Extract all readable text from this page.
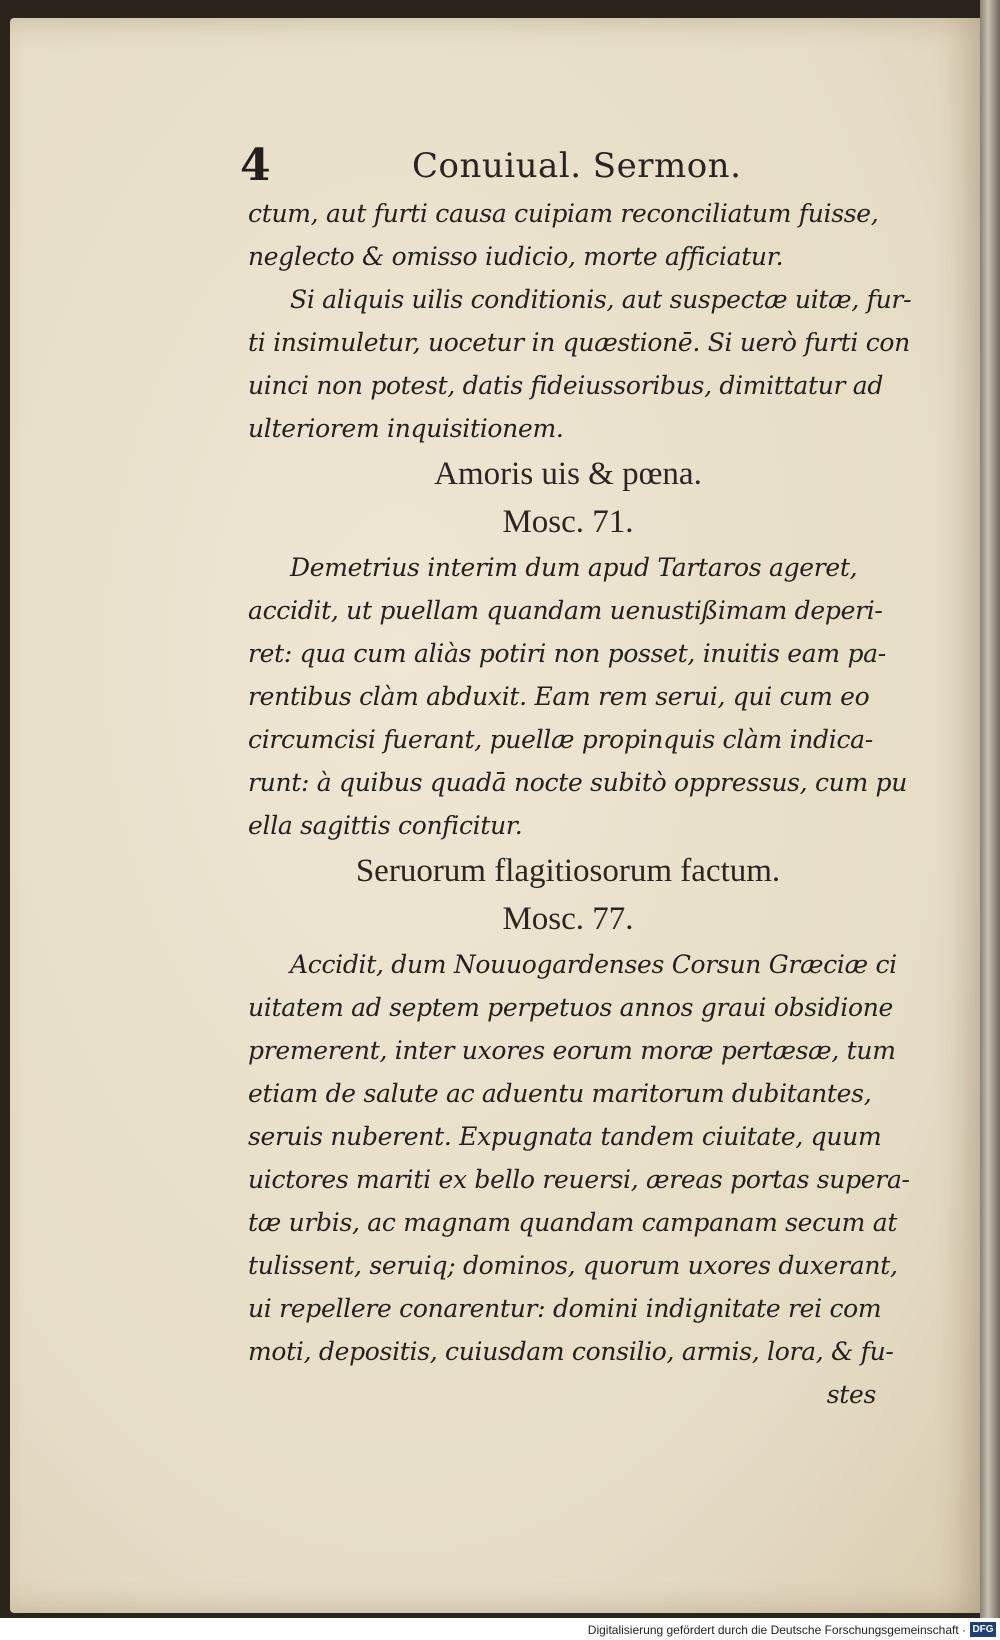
4	Conuiual. Sermon.
ctum, aut furti causa cuipiam reconciliatum fuisse,
neglecto & omisso iudicio, morte afficiatur.
Si aliquis uilis conditionis, aut suspectæ uitæ, fur-
ti insimuletur, uocetur in quæstionē. Si uerò furti con
uinci non potest, datis fideiussoribus, dimittatur ad
ulteriorem inquisitionem.
Amoris uis & pœna.
Mosc. 71.
Demetrius interim dum apud Tartaros ageret,
accidit, ut puellam quandam uenustißimam deperi-
ret: qua cum aliàs potiri non posset, inuitis eam pa-
rentibus clàm abduxit. Eam rem serui, qui cum eo
circumcisi fuerant, puellæ propinquis clàm indica-
runt: à quibus quadā nocte subitò oppressus, cum pu
ella sagittis conficitur.
Seruorum flagitiosorum factum.
Mosc. 77.
Accidit, dum Nouuogardenses Corsun Græciæ ci
uitatem ad septem perpetuos annos graui obsidione
premerent, inter uxores eorum moræ pertæsæ, tum
etiam de salute ac aduentu maritorum dubitantes,
seruis nuberent. Expugnata tandem ciuitate, quum
uictores mariti ex bello reuersi, æreas portas supera-
tæ urbis, ac magnam quandam campanam secum at
tulissent, seruiq; dominos, quorum uxores duxerant,
ui repellere conarentur: domini indignitate rei com
moti, depositis, cuiusdam consilio, armis, lora, & fu-
stes
Digitalisierung gefördert durch die Deutsche Forschungsgemeinschaft · DFG
